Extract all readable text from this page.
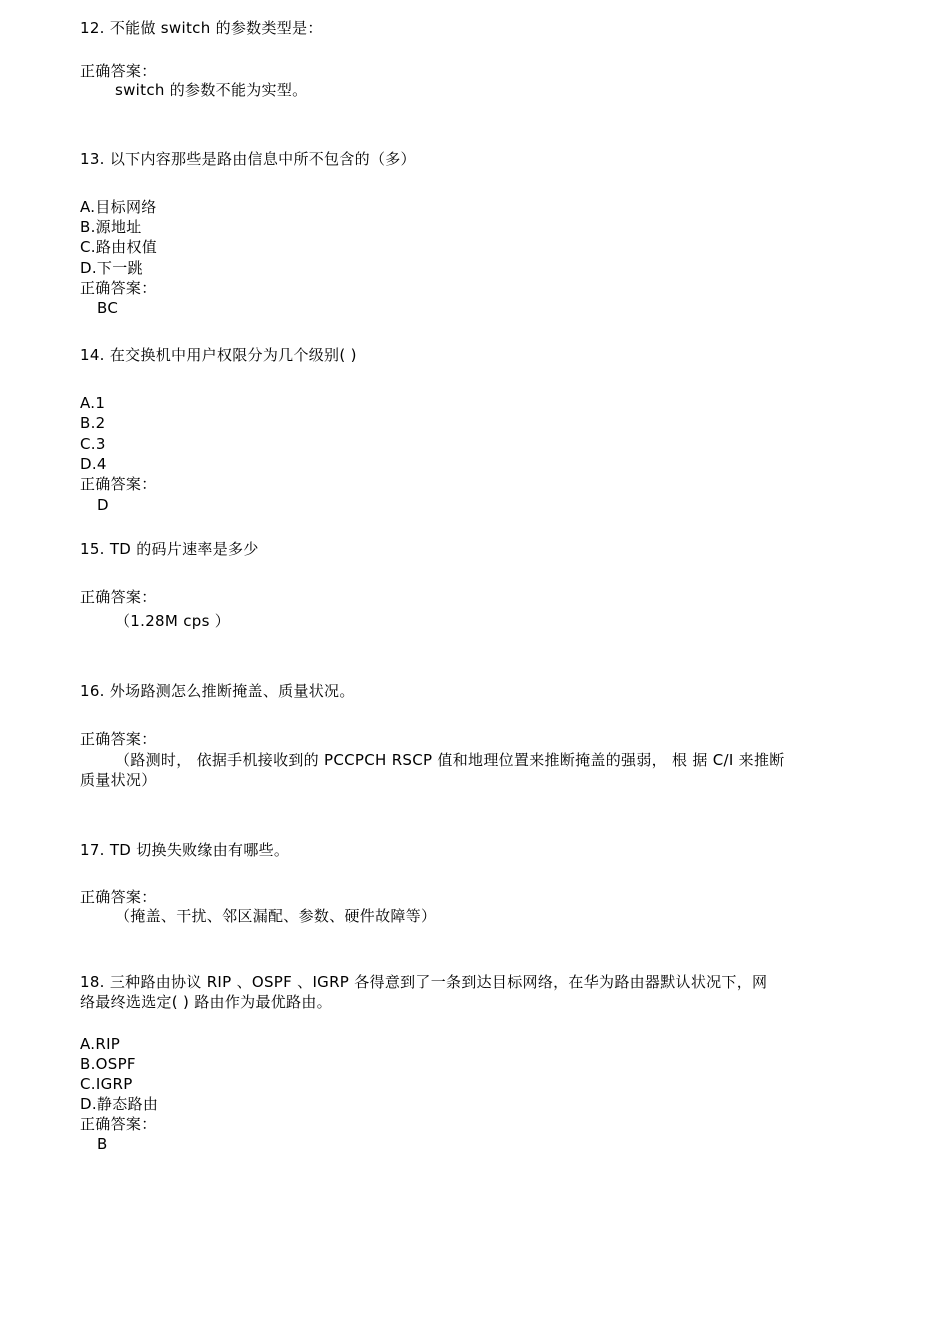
12. 不能做 switch 的参数类型是：
正确答案：
switch 的参数不能为实型。
13. 以下内容那些是路由信息中所不包含的（多）
A.目标网络
B.源地址
C.路由权值
D.下一跳
正确答案：
BC
14. 在交换机中用户权限分为几个级别( )
A.1
B.2
C.3
D.4
正确答案：
D
15. TD 的码片速率是多少
正确答案：
（1.28M cps ）
16. 外场路测怎么推断掩盖、质量状况。
正确答案：
（路测时， 依据手机接收到的 PCCPCH RSCP 值和地理位置来推断掩盖的强弱， 根 据 C/I 来推断
质量状况）
17. TD 切换失败缘由有哪些。
正确答案：
（掩盖、干扰、邻区漏配、参数、硬件故障等）
18. 三种路由协议 RIP 、OSPF 、IGRP 各得意到了一条到达目标网络，在华为路由器默认状况下，网
络最终选选定( ) 路由作为最优路由。
A.RIP
B.OSPF
C.IGRP
D.静态路由
正确答案：
B
